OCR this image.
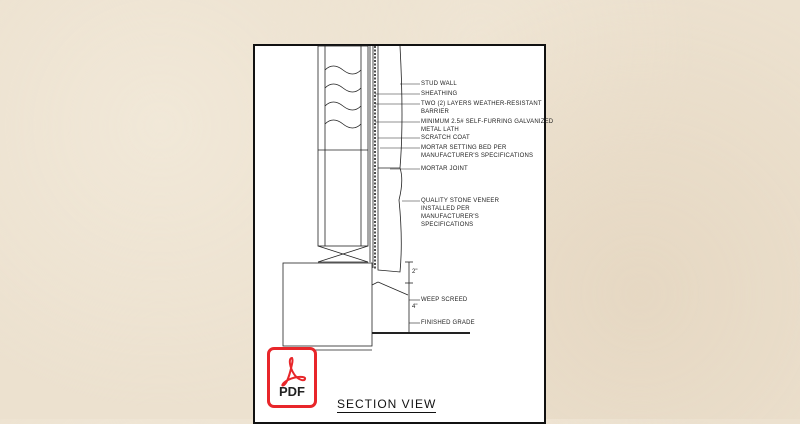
STUD WALL
SHEATHING
TWO (2) LAYERS WEATHER-RESISTANT
BARRIER
MINIMUM 2.5# SELF-FURRING GALVANIZED
METAL LATH
SCRATCH COAT
MORTAR SETTING BED PER
MANUFACTURER'S SPECIFICATIONS
MORTAR JOINT
QUALITY STONE VENEER
INSTALLED PER
MANUFACTURER'S
SPECIFICATIONS
WEEP SCREED
FINISHED GRADE
2"
4"
SECTION VIEW
PDF
